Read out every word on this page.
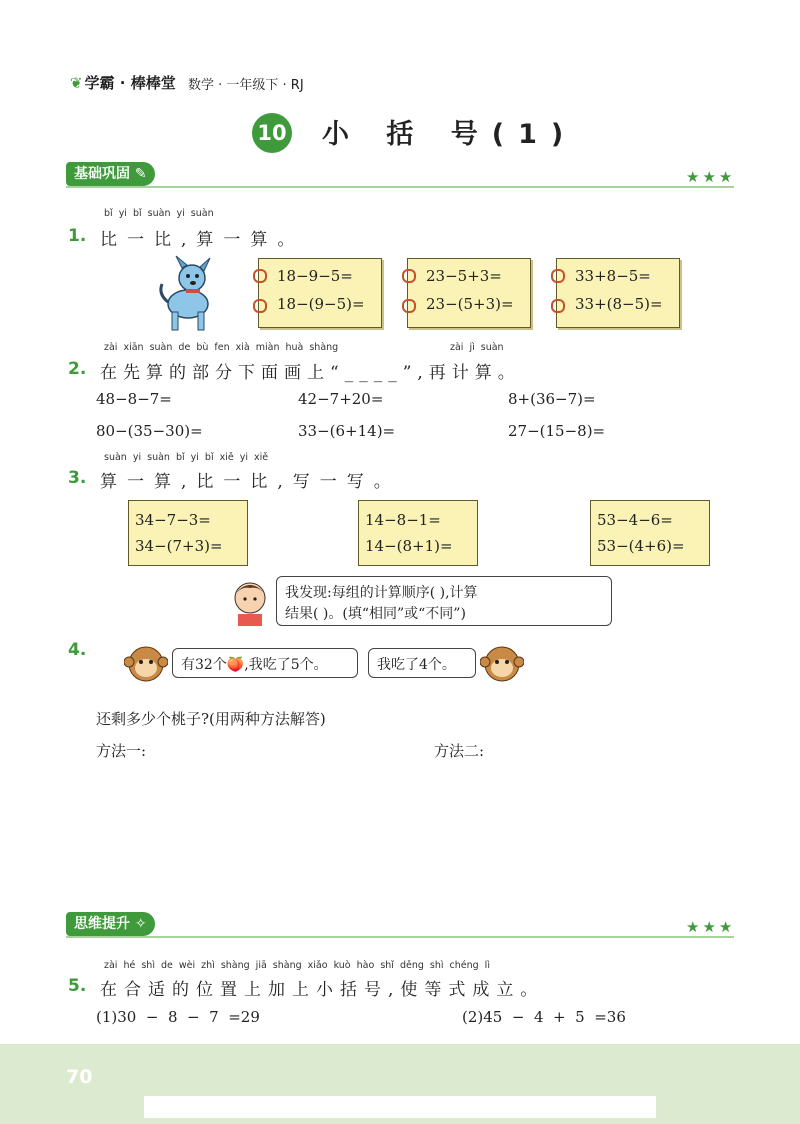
❦ 学霸 · 棒棒堂 数学 · 一年级下 · RJ
10 小 括 号(1)
基础巩固 ✎	★★★
bǐ yi bǐ suàn yi suàn
1. 比一比,算一算。
18−9−5=
18−(9−5)=
23−5+3=
23−(5+3)=
33+8−5=
33+(8−5)=
zài xiān suàn de bù fen xià miàn huà shàng	zài jì suàn
2. 在先算的部分下面画上“____”,再计算。
48−8−7=	42−7+20=	8+(36−7)=
80−(35−30)=	33−(6+14)=	27−(15−8)=
suàn yi suàn bǐ yi bǐ xiě yi xiě
3. 算一算,比一比,写一写。
34−7−3=
34−(7+3)=
14−8−1=
14−(8+1)=
53−4−6=
53−(4+6)=
我发现:每组的计算顺序( ),计算
结果( )。(填“相同”或“不同”)
4.
有32个🍑,我吃了5个。	我吃了4个。
还剩多少个桃子?(用两种方法解答)
方法一:	方法二:
思维提升 ✧	★★★
zài hé shì de wèi zhì shàng jiā shàng xiǎo kuò hào shǐ děng shì chéng lì
5. 在合适的位置上加上小括号,使等式成立。
(1)30  −  8  −  7  =29	(2)45  −  4  +  5  =36
70
